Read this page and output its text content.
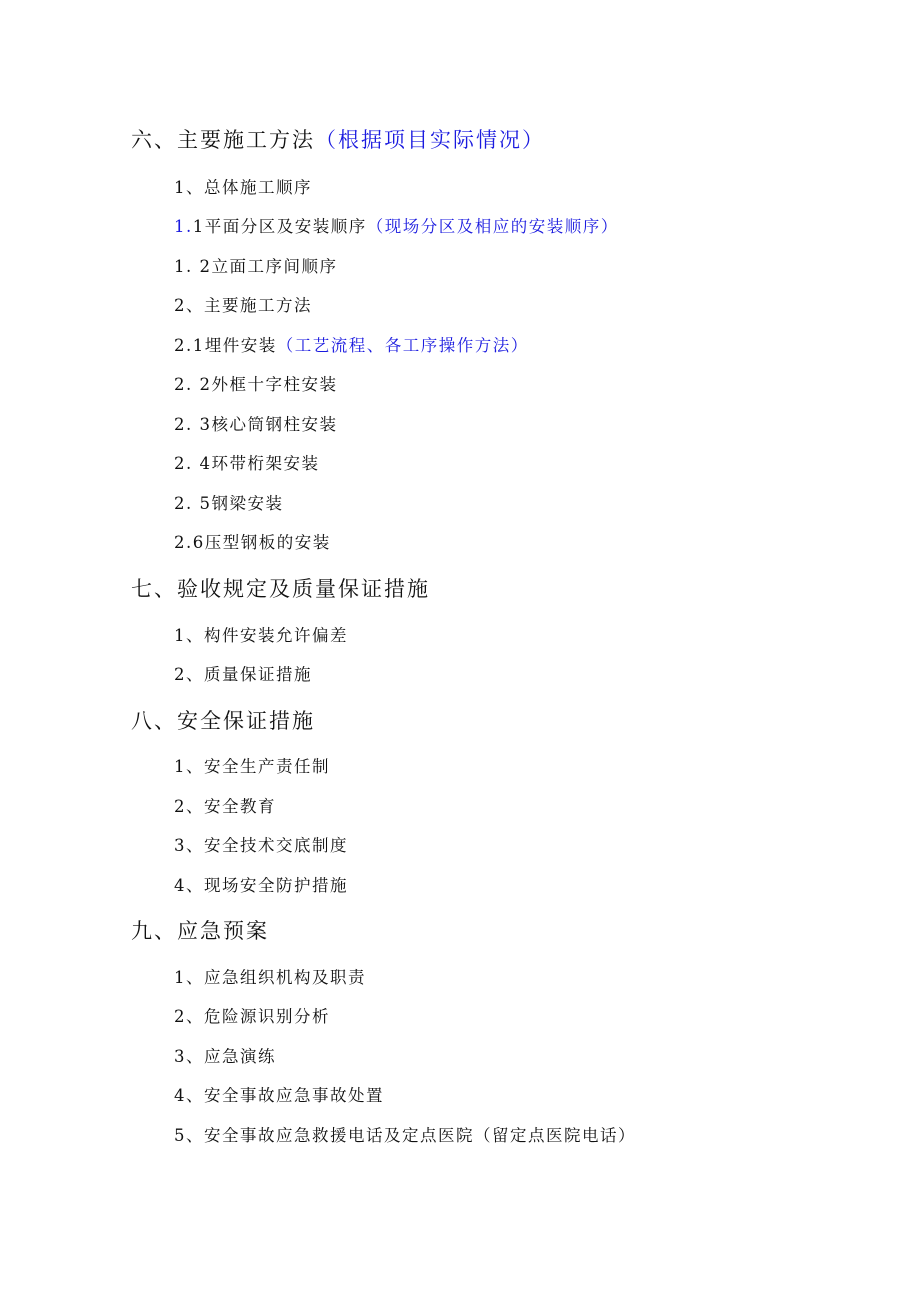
六、主要施工方法（根据项目实际情况）
1、总体施工顺序
1.1平面分区及安装顺序（现场分区及相应的安装顺序）
1. 2立面工序间顺序
2、主要施工方法
2.1埋件安装（工艺流程、各工序操作方法）
2. 2外框十字柱安装
2. 3核心筒钢柱安装
2. 4环带桁架安装
2. 5钢梁安装
2.6压型钢板的安装
七、验收规定及质量保证措施
1、构件安装允许偏差
2、质量保证措施
八、安全保证措施
1、安全生产责任制
2、安全教育
3、安全技术交底制度
4、现场安全防护措施
九、应急预案
1、应急组织机构及职责
2、危险源识别分析
3、应急演练
4、安全事故应急事故处置
5、安全事故应急救援电话及定点医院（留定点医院电话）
